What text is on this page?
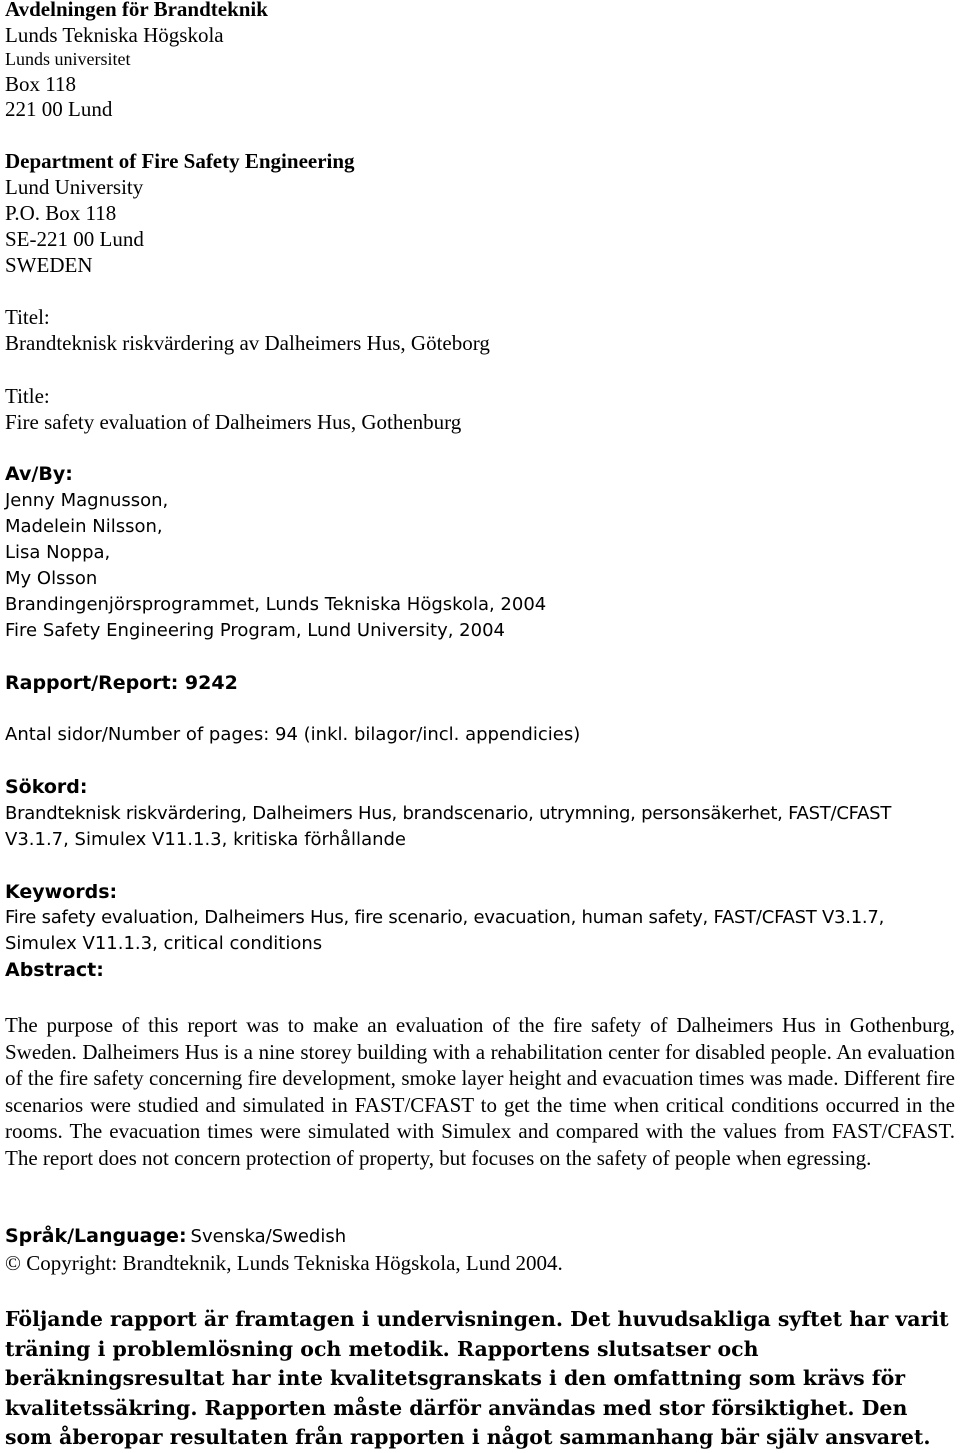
Avdelningen för Brandteknik
Lunds Tekniska Högskola
Lunds universitet
Box 118
221 00 Lund
Department of Fire Safety Engineering
Lund University
P.O. Box 118
SE-221 00 Lund
SWEDEN
Titel:
Brandteknisk riskvärdering av Dalheimers Hus, Göteborg
Title:
Fire safety evaluation of Dalheimers Hus, Gothenburg
Av/By:
Jenny Magnusson,
Madelein Nilsson,
Lisa Noppa,
My Olsson
Brandingenjörsprogrammet, Lunds Tekniska Högskola, 2004
Fire Safety Engineering Program, Lund University, 2004
Rapport/Report: 9242
Antal sidor/Number of pages: 94 (inkl. bilagor/incl. appendicies)
Sökord:
Brandteknisk riskvärdering, Dalheimers Hus, brandscenario, utrymning, personsäkerhet, FAST/CFAST
V3.1.7, Simulex V11.1.3, kritiska förhållande
Keywords:
Fire safety evaluation, Dalheimers Hus, fire scenario, evacuation, human safety, FAST/CFAST V3.1.7,
Simulex V11.1.3, critical conditions
Abstract:
The purpose of this report was to make an evaluation of the fire safety of Dalheimers Hus in Gothenburg, Sweden. Dalheimers Hus is a nine storey building with a rehabilitation center for disabled people. An evaluation of the fire safety concerning fire development, smoke layer height and evacuation times was made. Different fire scenarios were studied and simulated in FAST/CFAST to get the time when critical conditions occurred in the rooms. The evacuation times were simulated with Simulex and compared with the values from FAST/CFAST. The report does not concern protection of property, but focuses on the safety of people when egressing.
Språk/Language: Svenska/Swedish
© Copyright: Brandteknik, Lunds Tekniska Högskola, Lund 2004.
Följande rapport är framtagen i undervisningen. Det huvudsakliga syftet har varit träning i problemlösning och metodik. Rapportens slutsatser och beräkningsresultat har inte kvalitetsgranskats i den omfattning som krävs för kvalitetssäkring. Rapporten måste därför användas med stor försiktighet. Den som åberopar resultaten från rapporten i något sammanhang bär själv ansvaret.
